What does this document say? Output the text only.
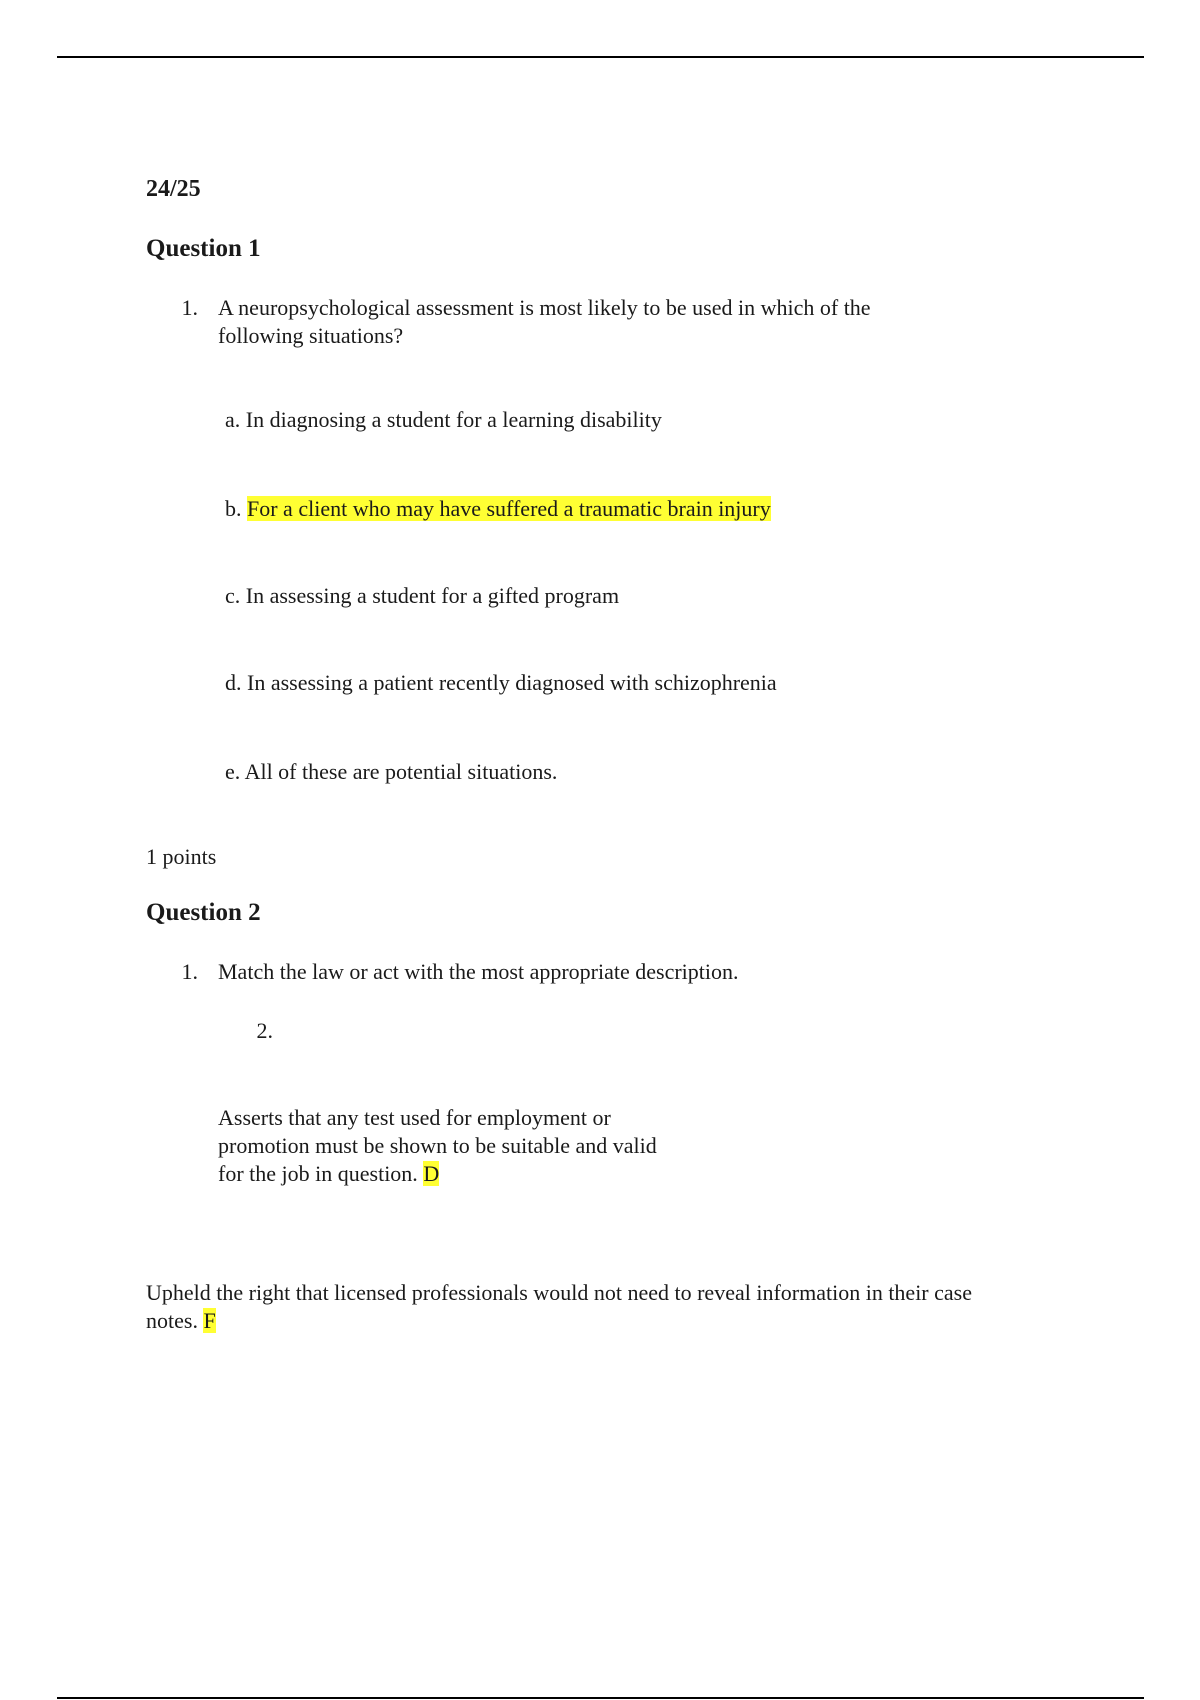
24/25
Question 1
1. A neuropsychological assessment is most likely to be used in which of the
following situations?
a. In diagnosing a student for a learning disability
b. For a client who may have suffered a traumatic brain injury
c. In assessing a student for a gifted program
d. In assessing a patient recently diagnosed with schizophrenia
e. All of these are potential situations.
1 points
Question 2
1. Match the law or act with the most appropriate description.
2.
Asserts that any test used for employment or
promotion must be shown to be suitable and valid
for the job in question. D
Upheld the right that licensed professionals would not need to reveal information in their case
notes. F
